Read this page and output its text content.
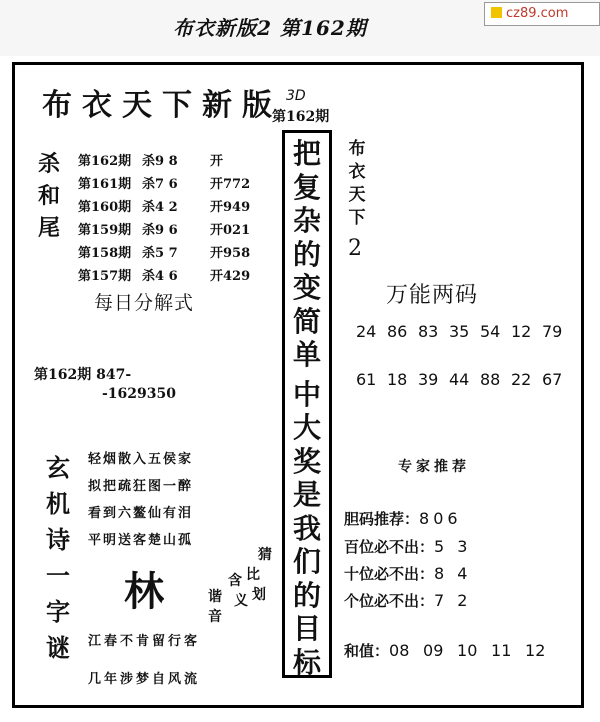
布衣新版2 第162期
cz89.com
布衣天下新版 3D
第162期
杀和尾
第162期 杀9 8 开
第161期 杀7 6 开772
第160期 杀4 2 开949
第159期 杀9 6 开021
第158期 杀5 7 开958
第157期 杀4 6 开429
每日分解式
第162期 847-
-1629350
玄机诗一字谜
轻烟散入五侯家
拟把疏狂图一醉
看到六鳌仙有泪
平明送客楚山孤
林
猜
比
含
划
义
谐
音
江春不肯留行客
几年涉梦自风流
把
复
杂
的
变
简
单
中
大
奖
是
我
们
的
目
标
布
衣
天
下
2
万能两码
24 86 83 35 54 12 79
61 18 39 44 88 22 67
专家推荐
胆码推荐：806
百位必不出：5 3
十位必不出：8 4
个位必不出：7 2
和值：08 09 10 11 12
